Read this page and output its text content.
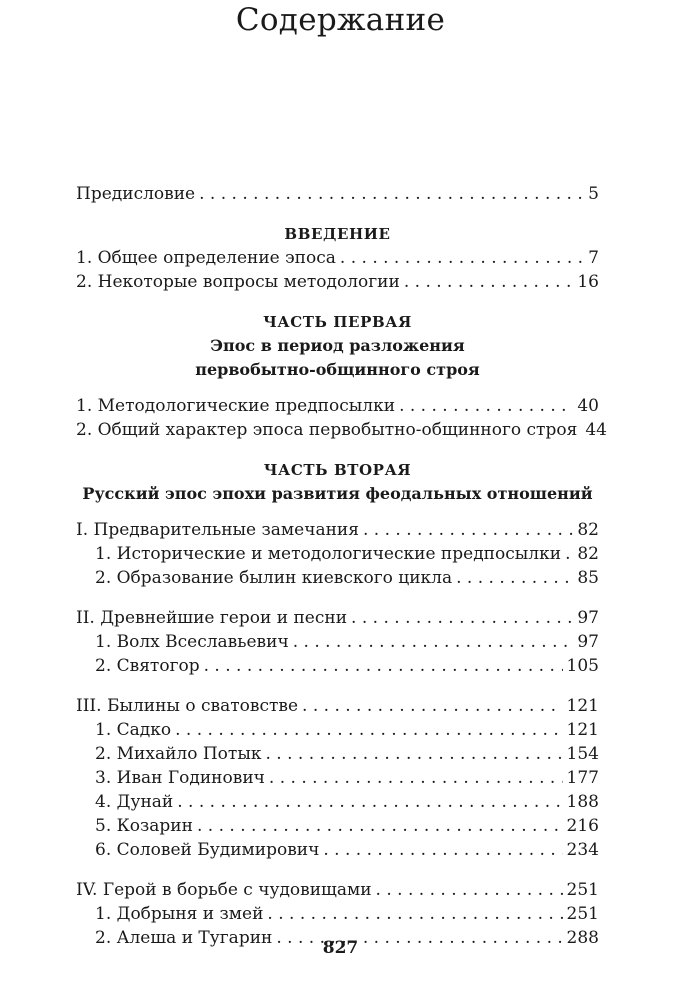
Содержание
Предисловие . . .	5
ВВЕДЕНИЕ
1. Общее определение эпоса . . .	7
2. Некоторые вопросы методологии . . .	16
ЧАСТЬ ПЕРВАЯ
Эпос в период разложения
первобытно-общинного строя
1. Методологические предпосылки . . .	40
2. Общий характер эпоса первобытно-общинного строя 44
ЧАСТЬ ВТОРАЯ
Русский эпос эпохи развития феодальных отношений
I. Предварительные замечания . . .	82
1. Исторические и методологические предпосылки . . . 82
2. Образование былин киевского цикла . . .	85
II. Древнейшие герои и песни . . .	97
1. Волх Всеславьевич . . .	97
2. Святогор . . .	105
III. Былины о сватовстве . . .	121
1. Садко . . .	121
2. Михайло Потык . . .	154
3. Иван Годинович . . .	177
4. Дунай . . .	188
5. Козарин . . .	216
6. Соловей Будимирович . . .	234
IV. Герой в борьбе с чудовищами . . .	251
1. Добрыня и змей . . .	251
2. Алеша и Тугарин . . .	288
827
